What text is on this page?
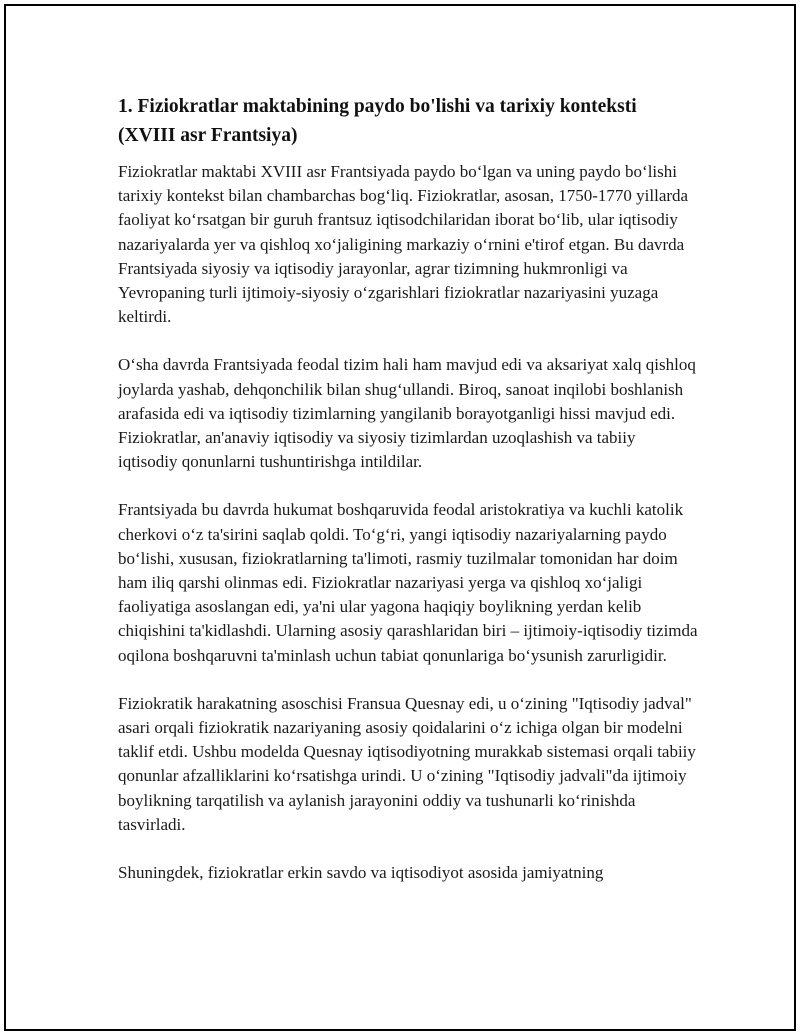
1. Fiziokratlar maktabining paydo bo'lishi va tarixiy konteksti (XVIII asr Frantsiya)

Fiziokratlar maktabi XVIII asr Frantsiyada paydo boʻlgan va uning paydo boʻlishi tarixiy kontekst bilan chambarchas bogʻliq. Fiziokratlar, asosan, 1750-1770 yillarda faoliyat koʻrsatgan bir guruh frantsuz iqtisodchilaridan iborat boʻlib, ular iqtisodiy nazariyalarda yer va qishloq xoʻjaligining markaziy oʻrnini e'tirof etgan. Bu davrda Frantsiyada siyosiy va iqtisodiy jarayonlar, agrar tizimning hukmronligi va Yevropaning turli ijtimoiy-siyosiy oʻzgarishlari fiziokratlar nazariyasini yuzaga keltirdi.

Oʻsha davrda Frantsiyada feodal tizim hali ham mavjud edi va aksariyat xalq qishloq joylarda yashab, dehqonchilik bilan shugʻullandi. Biroq, sanoat inqilobi boshlanish arafasida edi va iqtisodiy tizimlarning yangilanib borayotganligi hissi mavjud edi. Fiziokratlar, an'anaviy iqtisodiy va siyosiy tizimlardan uzoqlashish va tabiiy iqtisodiy qonunlarni tushuntirishga intildilar.

Frantsiyada bu davrda hukumat boshqaruvida feodal aristokratiya va kuchli katolik cherkovi oʻz ta'sirini saqlab qoldi. Toʻgʻri, yangi iqtisodiy nazariyalarning paydo boʻlishi, xususan, fiziokratlarning ta'limoti, rasmiy tuzilmalar tomonidan har doim ham iliq qarshi olinmas edi. Fiziokratlar nazariyasi yerga va qishloq xoʻjaligi faoliyatiga asoslangan edi, ya'ni ular yagona haqiqiy boylikning yerdan kelib chiqishini ta'kidlashdi. Ularning asosiy qarashlaridan biri – ijtimoiy-iqtisodiy tizimda oqilona boshqaruvni ta'minlash uchun tabiat qonunlariga boʻysunish zarurligidir.

Fiziokratik harakatning asoschisi Fransua Quesnay edi, u oʻzining "Iqtisodiy jadval" asari orqali fiziokratik nazariyaning asosiy qoidalarini oʻz ichiga olgan bir modelni taklif etdi. Ushbu modelda Quesnay iqtisodiyotning murakkab sistemasi orqali tabiiy qonunlar afzalliklarini koʻrsatishga urindi. U oʻzining "Iqtisodiy jadvali"da ijtimoiy boylikning tarqatilish va aylanish jarayonini oddiy va tushunarli koʻrinishda tasvirladi.

Shuningdek, fiziokratlar erkin savdo va iqtisodiyot asosida jamiyatning
